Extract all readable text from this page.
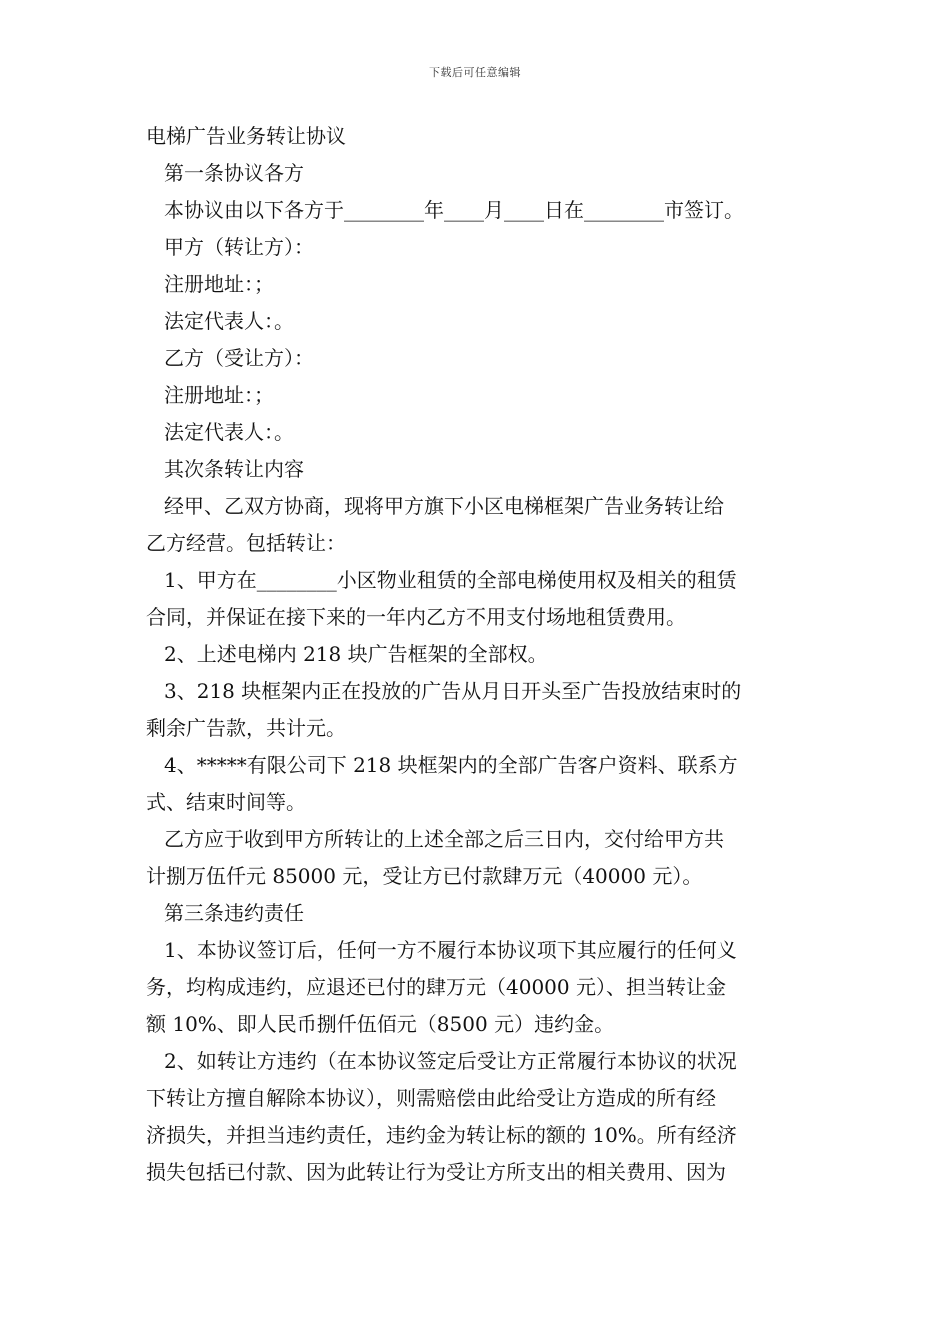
下载后可任意编辑
电梯广告业务转让协议
第一条协议各方
本协议由以下各方于________年____月____日在________市签订。
甲方（转让方）：
注册地址：；
法定代表人：。
乙方（受让方）：
注册地址：；
法定代表人：。
其次条转让内容
经甲、乙双方协商，现将甲方旗下小区电梯框架广告业务转让给
乙方经营。包括转让：
1、甲方在________小区物业租赁的全部电梯使用权及相关的租赁
合同，并保证在接下来的一年内乙方不用支付场地租赁费用。
2、上述电梯内 218 块广告框架的全部权。
3、218 块框架内正在投放的广告从月日开头至广告投放结束时的
剩余广告款，共计元。
4、*****有限公司下 218 块框架内的全部广告客户资料、联系方
式、结束时间等。
乙方应于收到甲方所转让的上述全部之后三日内，交付给甲方共
计捌万伍仟元 85000 元，受让方已付款肆万元（40000 元）。
第三条违约责任
1、本协议签订后，任何一方不履行本协议项下其应履行的任何义
务，均构成违约，应退还已付的肆万元（40000 元）、担当转让金
额 10%、即人民币捌仟伍佰元（8500 元）违约金。
2、如转让方违约（在本协议签定后受让方正常履行本协议的状况
下转让方擅自解除本协议），则需赔偿由此给受让方造成的所有经
济损失，并担当违约责任，违约金为转让标的额的 10%。所有经济
损失包括已付款、因为此转让行为受让方所支出的相关费用、因为
